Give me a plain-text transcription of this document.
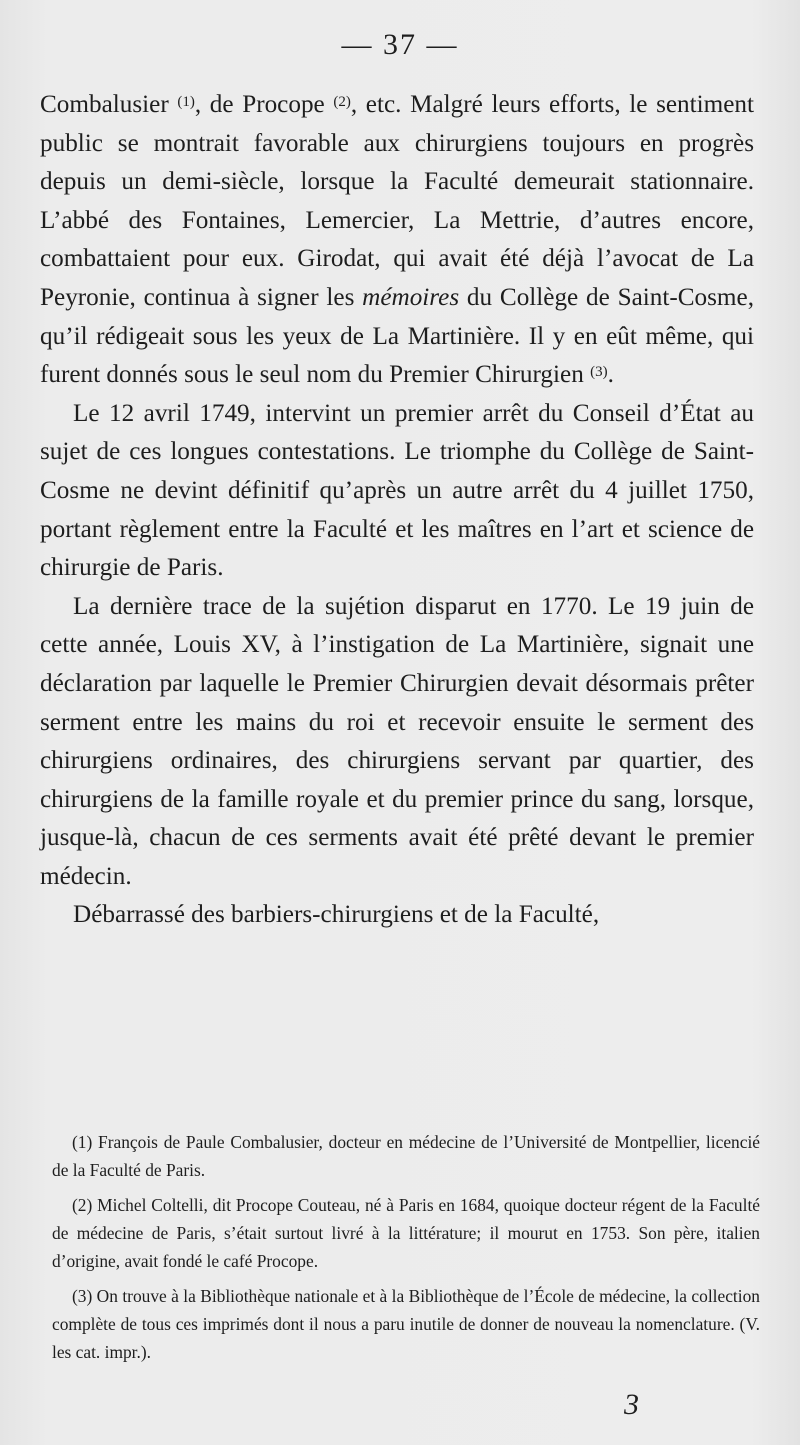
— 37 —

Combalusier $^{(1)}$, de Procope $^{(2)}$, etc. Malgré leurs efforts, le sentiment public se montrait favorable aux chirurgiens toujours en progrès depuis un demi-siècle, lorsque la Faculté demeurait stationnaire. L’abbé des Fontaines, Lemercier, La Mettrie, d’autres encore, combattaient pour eux. Girodat, qui avait été déjà l’avocat de La Peyronie, continua à signer les mémoires du Collège de Saint-Cosme, qu’il rédigeait sous les yeux de La Martinière. Il y en eût même, qui furent donnés sous le seul nom du Premier Chirurgien $^{(3)}$.

Le 12 avril 1749, intervint un premier arrêt du Conseil d’État au sujet de ces longues contestations. Le triomphe du Collège de Saint-Cosme ne devint définitif qu’après un autre arrêt du 4 juillet 1750, portant règlement entre la Faculté et les maîtres en l’art et science de chirurgie de Paris.

La dernière trace de la sujétion disparut en 1770. Le 19 juin de cette année, Louis XV, à l’instigation de La Martinière, signait une déclaration par laquelle le Premier Chirurgien devait désormais prêter serment entre les mains du roi et recevoir ensuite le serment des chirurgiens ordinaires, des chirurgiens servant par quartier, des chirurgiens de la famille royale et du premier prince du sang, lorsque, jusque-là, chacun de ces serments avait été prêté devant le premier médecin.

Débarrassé des barbiers-chirurgiens et de la Faculté,

(1) François de Paule Combalusier, docteur en médecine de l’Université de Montpellier, licencié de la Faculté de Paris.

(2) Michel Coltelli, dit Procope Couteau, né à Paris en 1684, quoique docteur régent de la Faculté de médecine de Paris, s’était surtout livré à la littérature; il mourut en 1753. Son père, italien d’origine, avait fondé le café Procope.

(3) On trouve à la Bibliothèque nationale et à la Bibliothèque de l’École de médecine, la collection complète de tous ces imprimés dont il nous a paru inutile de donner de nouveau la nomenclature. (V. les cat. impr.).

3
